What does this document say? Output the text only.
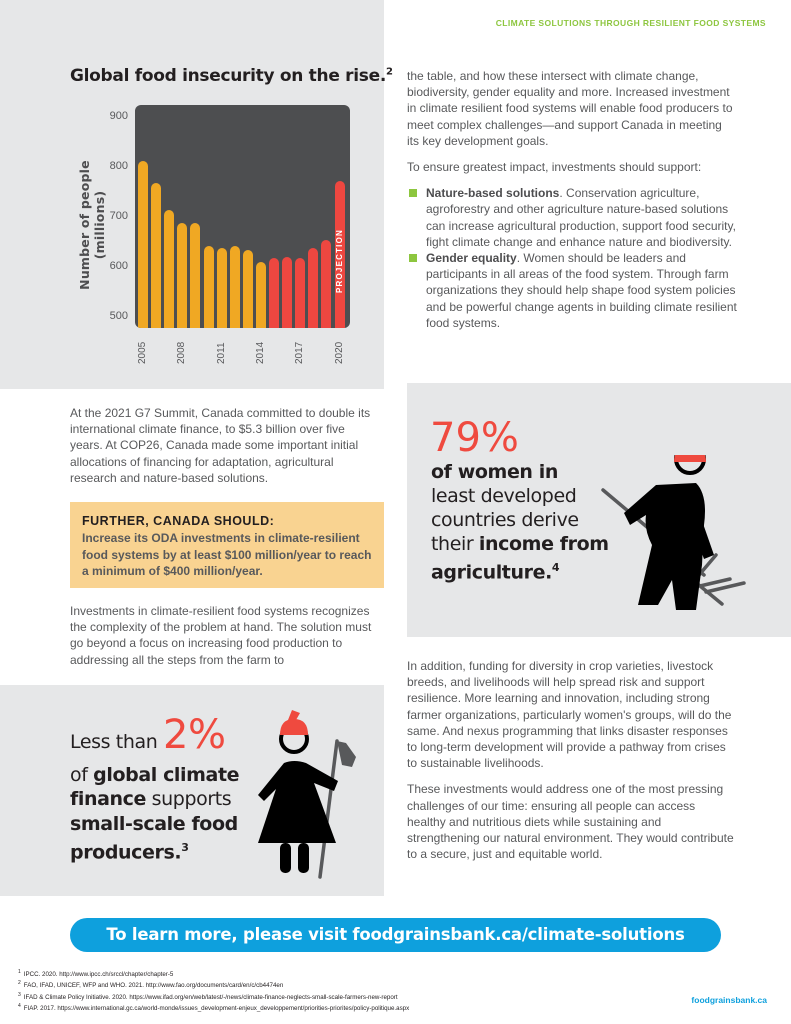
CLIMATE SOLUTIONS THROUGH RESILIENT FOOD SYSTEMS
Global food insecurity on the rise.$^2$
Number of people (millions)
900
800
700
600
500
PROJECTION
2005	2008	2011	2014	2017	2020
At the 2021 G7 Summit, Canada committed to double its international climate finance, to $5.3 billion over five years. At COP26, Canada made some important initial allocations of financing for adaptation, agricultural research and nature-based solutions.
FURTHER, CANADA SHOULD:
Increase its ODA investments in climate-resilient food systems by at least $100 million/year to reach a minimum of $400 million/year.
Investments in climate-resilient food systems recognizes the complexity of the problem at hand. The solution must go beyond a focus on increasing food production to addressing all the steps from the farm to

the table, and how these intersect with climate change, biodiversity, gender equality and more. Increased investment in climate resilient food systems will enable food producers to meet complex challenges—and support Canada in meeting its key development goals.

To ensure greatest impact, investments should support:

Nature-based solutions. Conservation agriculture, agroforestry and other agriculture nature-based solutions can increase agricultural production, support food security, fight climate change and enhance nature and biodiversity.
Gender equality. Women should be leaders and participants in all areas of the food system. Through farm organizations they should help shape food system policies and be powerful change agents in building climate resilient food systems.

In addition, funding for diversity in crop varieties, livestock breeds, and livelihoods will help spread risk and support resilience. More learning and innovation, including strong farmer organizations, particularly women's groups, will do the same. And nexus programming that links disaster responses to long-term development will provide a pathway from crises to sustainable livelihoods.

These investments would address one of the most pressing challenges of our time: ensuring all people can access healthy and nutritious diets while sustaining and strengthening our natural environment. They would contribute to a secure, just and equitable world.

79%
of women in
least developed
countries derive
their income from
agriculture.$^4$
Less than 2%
of global climate
finance supports
small-scale food
producers.$^3$
To learn more, please visit foodgrainsbank.ca/climate-solutions
$^1$ IPCC. 2020. http://www.ipcc.ch/srccl/chapter/chapter-5
$^2$ FAO, IFAD, UNICEF, WFP and WHO. 2021. http://www.fao.org/documents/card/en/c/cb4474en
$^3$ IFAD & Climate Policy Initiative. 2020. https://www.ifad.org/en/web/latest/-/news/climate-finance-neglects-small-scale-farmers-new-report
$^4$ FIAP. 2017. https://www.international.gc.ca/world-monde/issues_development-enjeux_developpement/priorities-priorites/policy-politique.aspx
foodgrainsbank.ca
